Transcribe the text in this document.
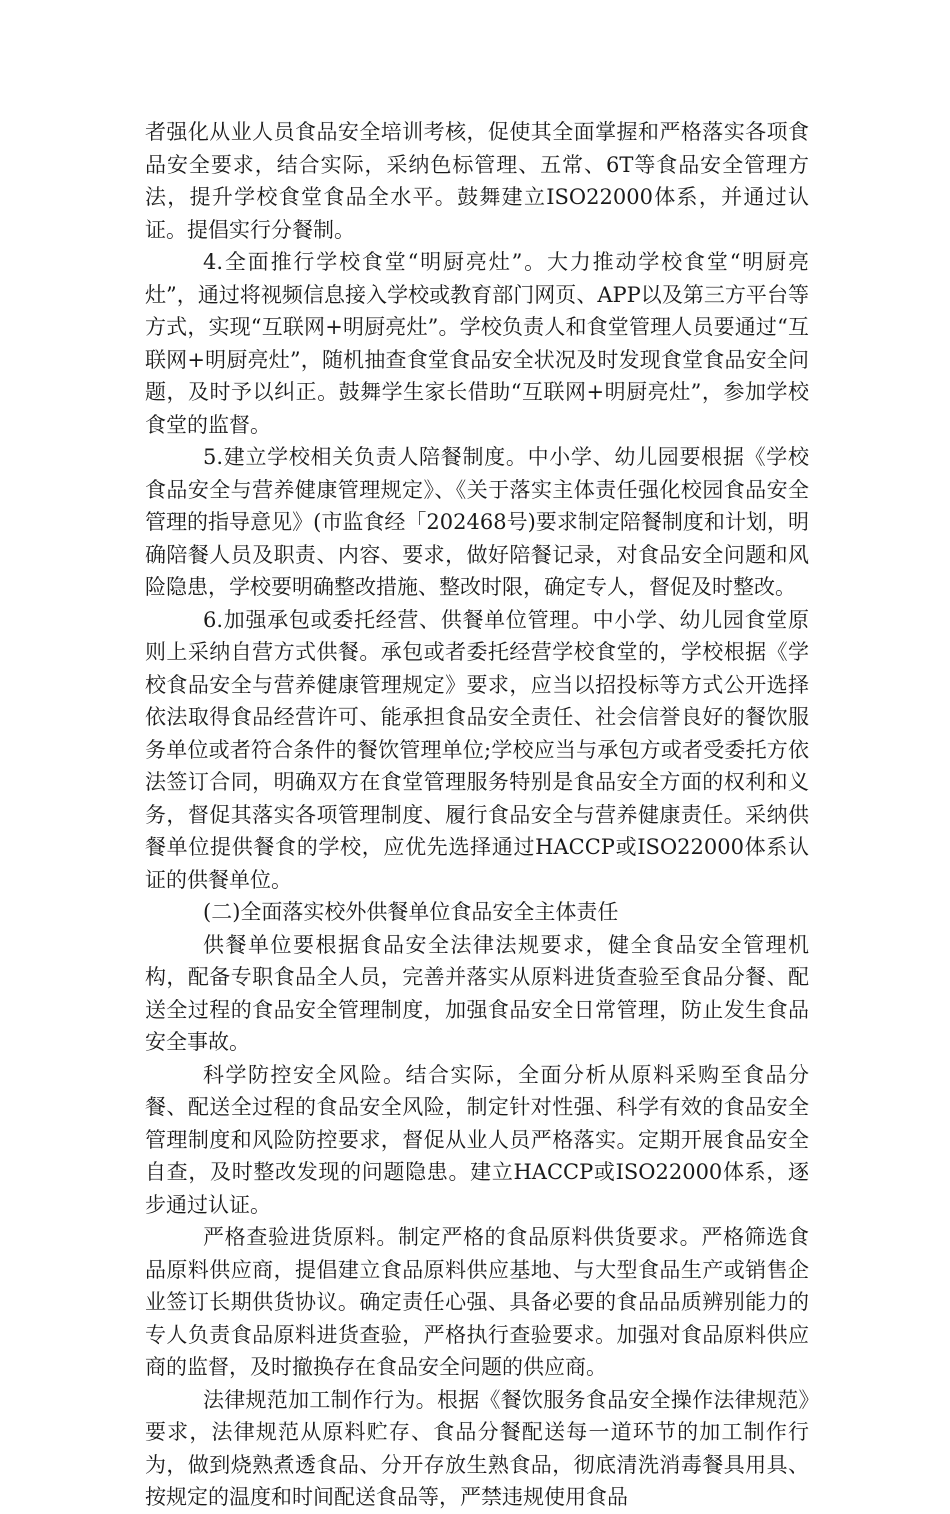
者强化从业人员食品安全培训考核，促使其全面掌握和严格落实各项食品安全要求，结合实际，采纳色标管理、五常、6T等食品安全管理方法，提升学校食堂食品全水平。鼓舞建立ISO22000体系，并通过认证。提倡实行分餐制。

4.全面推行学校食堂“明厨亮灶”。大力推动学校食堂“明厨亮灶”，通过将视频信息接入学校或教育部门网页、APP以及第三方平台等方式，实现“互联网+明厨亮灶”。学校负责人和食堂管理人员要通过“互联网+明厨亮灶”，随机抽查食堂食品安全状况及时发现食堂食品安全问题，及时予以纠正。鼓舞学生家长借助“互联网+明厨亮灶”，参加学校食堂的监督。

5.建立学校相关负责人陪餐制度。中小学、幼儿园要根据《学校食品安全与营养健康管理规定》、《关于落实主体责任强化校园食品安全管理的指导意见》(市监食经「202468号)要求制定陪餐制度和计划，明确陪餐人员及职责、内容、要求，做好陪餐记录，对食品安全问题和风险隐患，学校要明确整改措施、整改时限，确定专人，督促及时整改。

6.加强承包或委托经营、供餐单位管理。中小学、幼儿园食堂原则上采纳自营方式供餐。承包或者委托经营学校食堂的，学校根据《学校食品安全与营养健康管理规定》要求，应当以招投标等方式公开选择依法取得食品经营许可、能承担食品安全责任、社会信誉良好的餐饮服务单位或者符合条件的餐饮管理单位;学校应当与承包方或者受委托方依法签订合同，明确双方在食堂管理服务特别是食品安全方面的权利和义务，督促其落实各项管理制度、履行食品安全与营养健康责任。采纳供餐单位提供餐食的学校，应优先选择通过HACCP或ISO22000体系认证的供餐单位。

(二)全面落实校外供餐单位食品安全主体责任

供餐单位要根据食品安全法律法规要求，健全食品安全管理机构，配备专职食品全人员，完善并落实从原料进货查验至食品分餐、配送全过程的食品安全管理制度，加强食品安全日常管理，防止发生食品安全事故。

科学防控安全风险。结合实际，全面分析从原料采购至食品分餐、配送全过程的食品安全风险，制定针对性强、科学有效的食品安全管理制度和风险防控要求，督促从业人员严格落实。定期开展食品安全自查，及时整改发现的问题隐患。建立HACCP或ISO22000体系，逐步通过认证。

严格查验进货原料。制定严格的食品原料供货要求。严格筛选食品原料供应商，提倡建立食品原料供应基地、与大型食品生产或销售企业签订长期供货协议。确定责任心强、具备必要的食品品质辨别能力的专人负责食品原料进货查验，严格执行查验要求。加强对食品原料供应商的监督，及时撤换存在食品安全问题的供应商。

法律规范加工制作行为。根据《餐饮服务食品安全操作法律规范》要求，法律规范从原料贮存、食品分餐配送每一道环节的加工制作行为，做到烧熟煮透食品、分开存放生熟食品，彻底清洗消毒餐具用具、按规定的温度和时间配送食品等，严禁违规使用食品
